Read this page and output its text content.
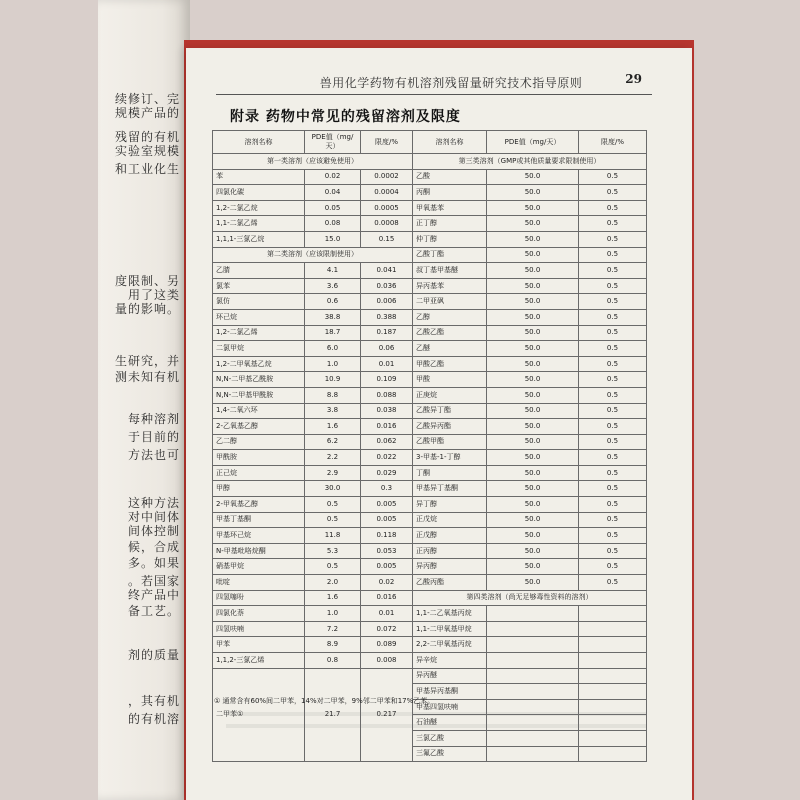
续修订、完
规模产品的
残留的有机
实验室规模
和工业化生
度限制、另
用了这类
量的影响。
生研究，并
测未知有机
每种溶剂
于目前的
方法也可
这种方法
对中间体
间体控制
候，合成
多。如果
。若国家
终产品中
备工艺。
剂的质量
，其有机
的有机溶
兽用化学药物有机溶剂残留量研究技术指导原则	29
附录 药物中常见的残留溶剂及限度
溶剂名称	PDE值（mg/天）	限度/%	溶剂名称	PDE值（mg/天）	限度/%
第一类溶剂（应该避免使用）			第三类溶剂（GMP或其他质量要求限制使用）		
苯	0.02	0.0002	乙酸	50.0	0.5
四氯化碳	0.04	0.0004	丙酮	50.0	0.5
1,2-二氯乙烷	0.05	0.0005	甲氧基苯	50.0	0.5
1,1-二氯乙烯	0.08	0.0008	正丁醇	50.0	0.5
1,1,1-三氯乙烷	15.0	0.15	仲丁醇	50.0	0.5
第二类溶剂（应该限制使用）			乙酸丁酯	50.0	0.5
乙腈	4.1	0.041	叔丁基甲基醚	50.0	0.5
氯苯	3.6	0.036	异丙基苯	50.0	0.5
氯仿	0.6	0.006	二甲亚砜	50.0	0.5
环己烷	38.8	0.388	乙醇	50.0	0.5
1,2-二氯乙烯	18.7	0.187	乙酸乙酯	50.0	0.5
二氯甲烷	6.0	0.06	乙醚	50.0	0.5
1,2-二甲氧基乙烷	1.0	0.01	甲酸乙酯	50.0	0.5
N,N-二甲基乙酰胺	10.9	0.109	甲酸	50.0	0.5
N,N-二甲基甲酰胺	8.8	0.088	正庚烷	50.0	0.5
1,4-二氧六环	3.8	0.038	乙酸异丁酯	50.0	0.5
2-乙氧基乙醇	1.6	0.016	乙酸异丙酯	50.0	0.5
乙二醇	6.2	0.062	乙酸甲酯	50.0	0.5
甲酰胺	2.2	0.022	3-甲基-1-丁醇	50.0	0.5
正己烷	2.9	0.029	丁酮	50.0	0.5
甲醇	30.0	0.3	甲基异丁基酮	50.0	0.5
2-甲氧基乙醇	0.5	0.005	异丁醇	50.0	0.5
甲基丁基酮	0.5	0.005	正戊烷	50.0	0.5
甲基环己烷	11.8	0.118	正戊醇	50.0	0.5
N-甲基吡咯烷酮	5.3	0.053	正丙醇	50.0	0.5
硝基甲烷	0.5	0.005	异丙醇	50.0	0.5
吡啶	2.0	0.02	乙酸丙酯	50.0	0.5
四氢噻吩	1.6	0.016	第四类溶剂（尚无足够毒性资料的溶剂）		
四氯化萘	1.0	0.01	1,1-二乙氧基丙烷		
四氢呋喃	7.2	0.072	1,1-二甲氧基甲烷		
甲苯	8.9	0.089	2,2-二甲氧基丙烷		
1,1,2-三氯乙烯	0.8	0.008	异辛烷		
二甲苯①	21.7	0.217	异丙醚		
			甲基异丙基酮		
			甲基四氢呋喃		
			石油醚		
			三氯乙酸		
			三氟乙酸		
① 通常含有60%间二甲苯，14%对二甲苯，9%邻二甲苯和17%乙苯。
